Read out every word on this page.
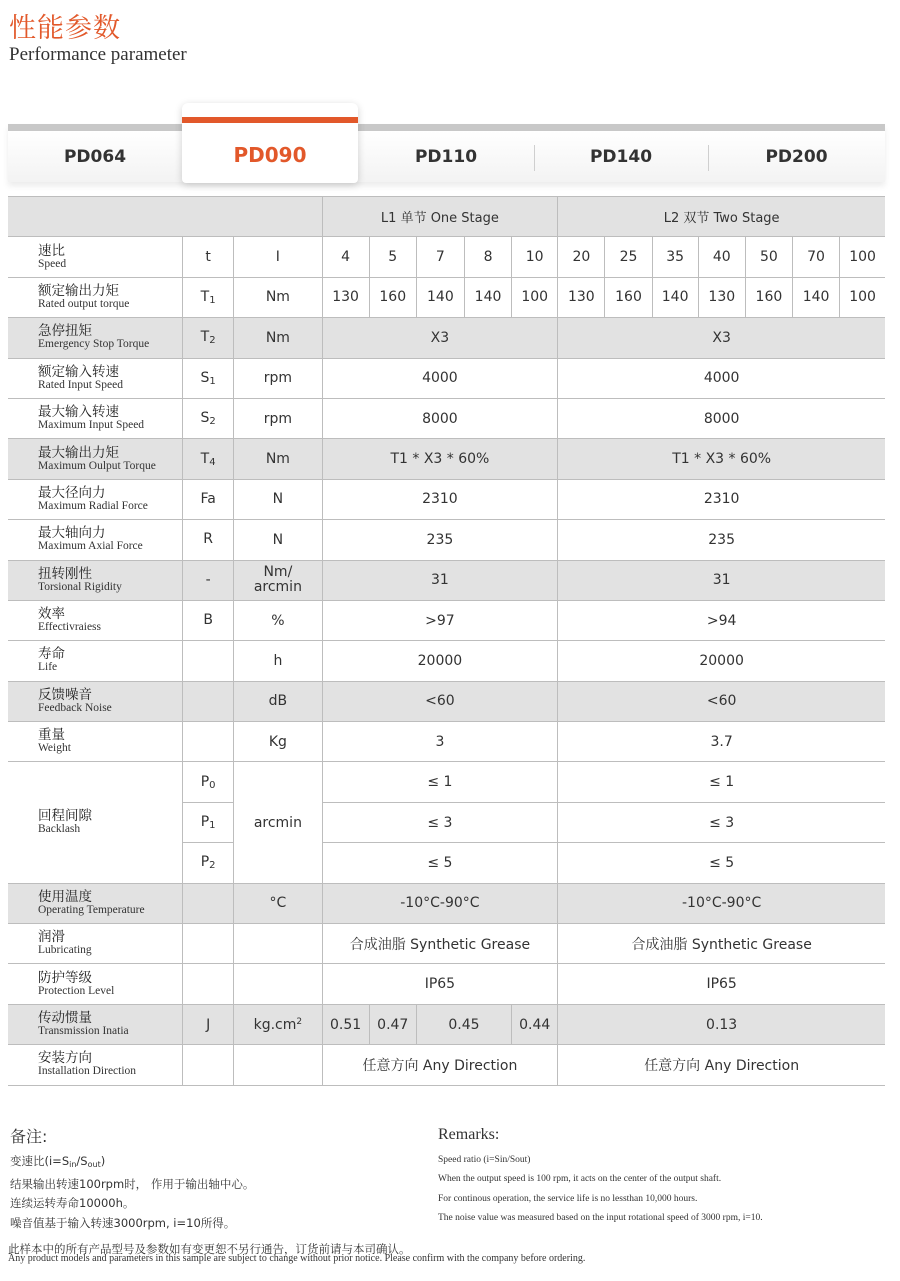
性能参数
Performance parameter
PD064	PD110	PD140	PD200
PD090
			L1 单节 One Stage					L2 双节 Two Stage						

速比
Speed	t	I	4	5	7	8	10	20	25	35	40	50	70	100

额定输出力矩
Rated output torque	$T_1$	Nm	130	160	140	140	100	130	160	140	130	160	140	100

急停扭矩
Emergency Stop Torque	$T_2$	Nm	X3					X3						

额定输入转速
Rated Input Speed	$S_1$	rpm	4000					4000						

最大输入转速
Maximum Input Speed	$S_2$	rpm	8000					8000						

最大输出力矩
Maximum Oulput Torque	$T_4$	Nm	T1 * X3 * 60%					T1 * X3 * 60%						

最大径向力
Maximum Radial Force	Fa	N	2310					2310						

最大轴向力
Maximum Axial Force	R	N	235					235						

扭转刚性
Torsional Rigidity	-	Nm/
arcmin	31					31						

效率
Effectivraiess	B	%	>97					>94						

寿命
Life		h	20000					20000						

反馈噪音
Feedback Noise		dB	<60					<60						

重量
Weight		Kg	3					3.7						

回程间隙
Backlash	$P_0$	arcmin	≤ 1					≤ 1						
	$P_1$		≤ 3					≤ 3						
	$P_2$		≤ 5					≤ 5						

使用温度
Operating Temperature		°C	-10°C-90°C					-10°C-90°C						

润滑
Lubricating			合成油脂 Synthetic Grease					合成油脂 Synthetic Grease						

防护等级
Protection Level			IP65					IP65						

传动惯量
Transmission Inatia	J	$kg.cm^2$	0.51	0.47	0.45		0.44	0.13						

安装方向
Installation Direction			任意方向 Any Direction					任意方向 Any Direction						
备注:
变速比$(i=S_{in}/S_{out})$
结果输出转速100rpm时， 作用于输出轴中心。
连续运转寿命10000h。
噪音值基于输入转速3000rpm, i=10所得。
Remarks:
Speed ratio (i=Sin/Sout)
When the output speed is 100 rpm, it acts on the center of the output shaft.
For continous operation, the service life is no lessthan 10,000 hours.
The noise value was measured based on the input rotational speed of 3000 rpm, i=10.
此样本中的所有产品型号及参数如有变更恕不另行通告，订货前请与本司确认。
Any product models and parameters in this sample are subject to change without prior notice. Please confirm with the company before ordering.
